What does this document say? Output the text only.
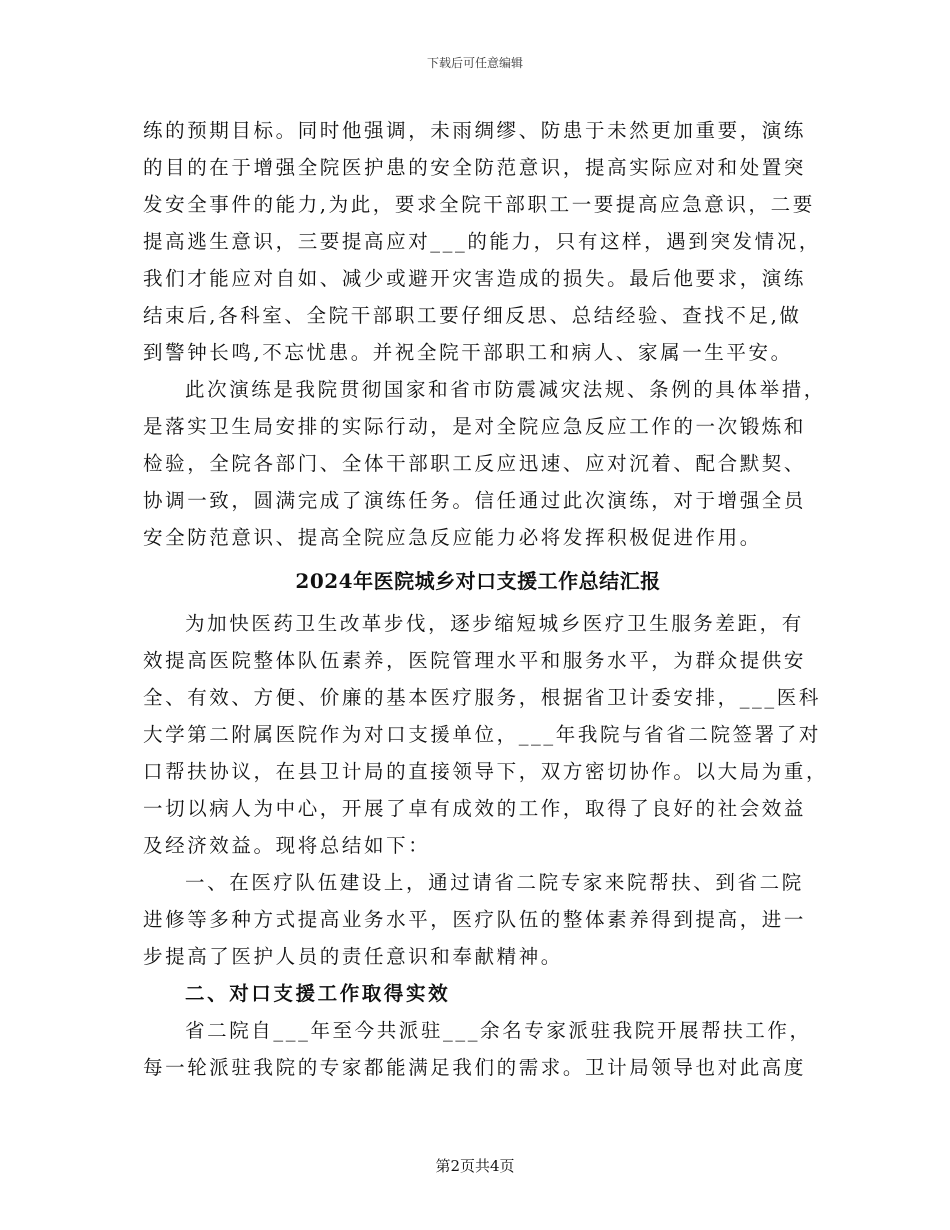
下载后可任意编辑
练的预期目标。同时他强调，未雨绸缪、防患于未然更加重要，演练
的目的在于增强全院医护患的安全防范意识，提高实际应对和处置突
发安全事件的能力,为此，要求全院干部职工一要提高应急意识，二要
提高逃生意识，三要提高应对___的能力，只有这样，遇到突发情况，
我们才能应对自如、减少或避开灾害造成的损失。最后他要求，演练
结束后,各科室、全院干部职工要仔细反思、总结经验、查找不足,做
到警钟长鸣,不忘忧患。并祝全院干部职工和病人、家属一生平安。
此次演练是我院贯彻国家和省市防震减灾法规、条例的具体举措，
是落实卫生局安排的实际行动，是对全院应急反应工作的一次锻炼和
检验，全院各部门、全体干部职工反应迅速、应对沉着、配合默契、
协调一致，圆满完成了演练任务。信任通过此次演练，对于增强全员
安全防范意识、提高全院应急反应能力必将发挥积极促进作用。
2024年医院城乡对口支援工作总结汇报
为加快医药卫生改革步伐，逐步缩短城乡医疗卫生服务差距，有
效提高医院整体队伍素养，医院管理水平和服务水平，为群众提供安
全、有效、方便、价廉的基本医疗服务，根据省卫计委安排，___医科
大学第二附属医院作为对口支援单位，___年我院与省省二院签署了对
口帮扶协议，在县卫计局的直接领导下，双方密切协作。以大局为重，
一切以病人为中心，开展了卓有成效的工作，取得了良好的社会效益
及经济效益。现将总结如下：
一、在医疗队伍建设上，通过请省二院专家来院帮扶、到省二院
进修等多种方式提高业务水平，医疗队伍的整体素养得到提高，进一
步提高了医护人员的责任意识和奉献精神。
二、对口支援工作取得实效
省二院自___年至今共派驻___余名专家派驻我院开展帮扶工作，
每一轮派驻我院的专家都能满足我们的需求。卫计局领导也对此高度
第2页共4页
